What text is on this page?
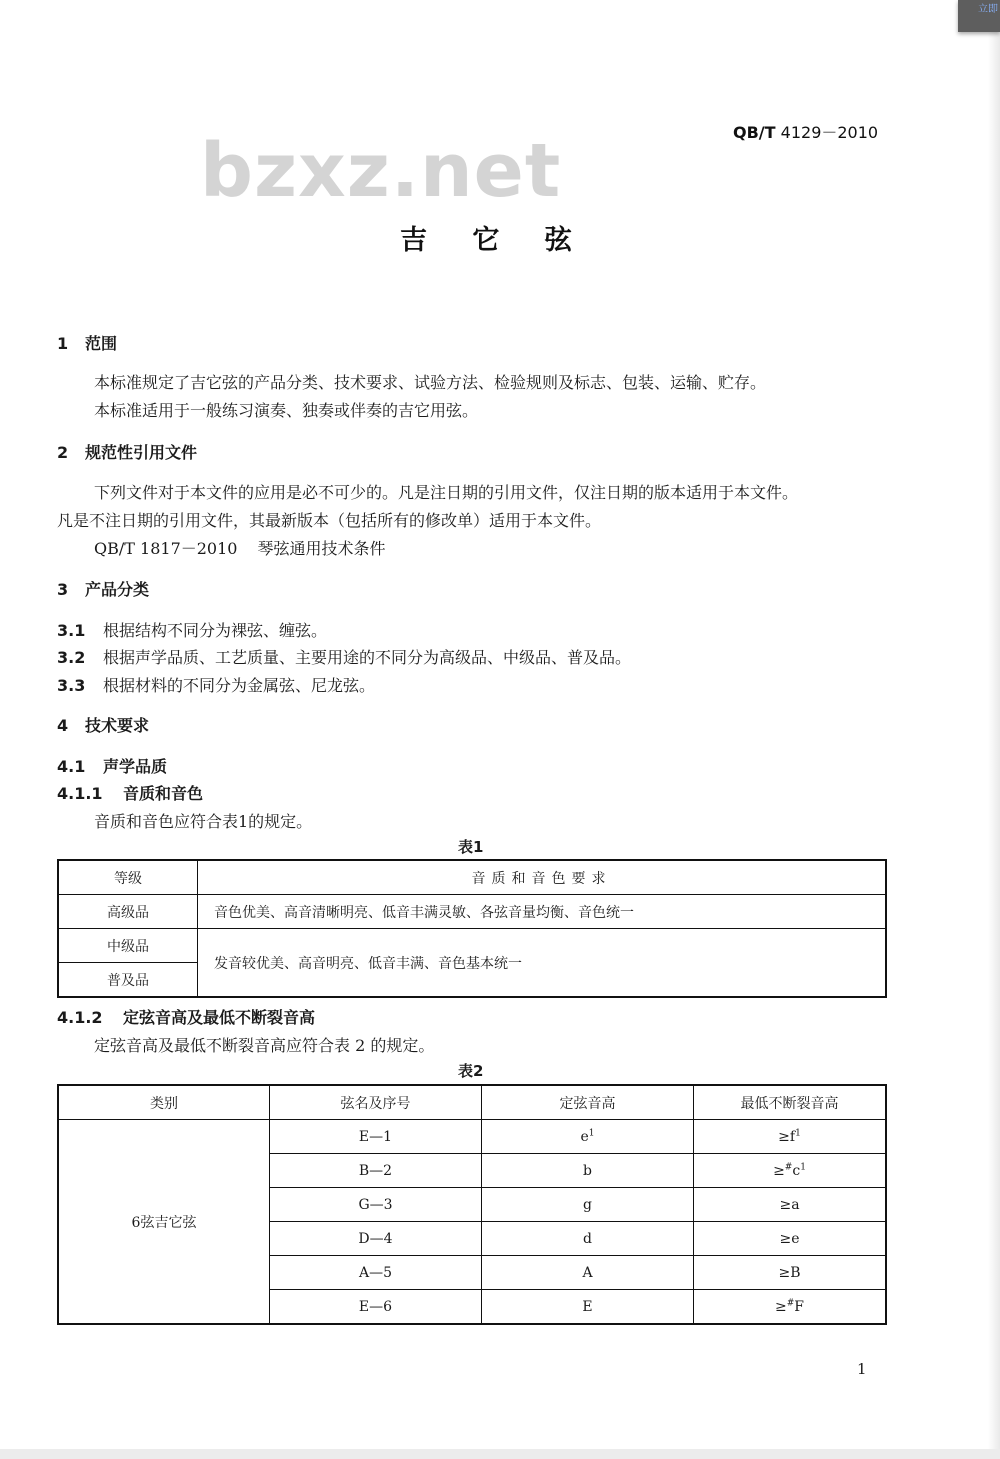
立即
bzxz.net	QB/T 4129－2010
吉 它 弦
1 范围
本标准规定了吉它弦的产品分类、技术要求、试验方法、检验规则及标志、包装、运输、贮存。
本标准适用于一般练习演奏、独奏或伴奏的吉它用弦。
2 规范性引用文件
下列文件对于本文件的应用是必不可少的。凡是注日期的引用文件，仅注日期的版本适用于本文件。
凡是不注日期的引用文件，其最新版本（包括所有的修改单）适用于本文件。
QB/T 1817－2010 琴弦通用技术条件
3 产品分类
3.1 根据结构不同分为裸弦、缠弦。
3.2 根据声学品质、工艺质量、主要用途的不同分为高级品、中级品、普及品。
3.3 根据材料的不同分为金属弦、尼龙弦。
4 技术要求
4.1 声学品质
4.1.1 音质和音色
音质和音色应符合表1的规定。
表1
等级	音质和音色要求
高级品	音色优美、高音清晰明亮、低音丰满灵敏、各弦音量均衡、音色统一
中级品	发音较优美、高音明亮、低音丰满、音色基本统一
普及品	
4.1.2 定弦音高及最低不断裂音高
定弦音高及最低不断裂音高应符合表 2 的规定。
表2
类别	弦名及序号	定弦音高	最低不断裂音高
6弦吉它弦	E—1	$e^1$	$\ge f^1$
	B—2	b	$\ge^{\#}c^1$
	G—3	g	≥a
	D—4	d	≥e
	A—5	A	≥B
	E—6	E	≥#F
1
